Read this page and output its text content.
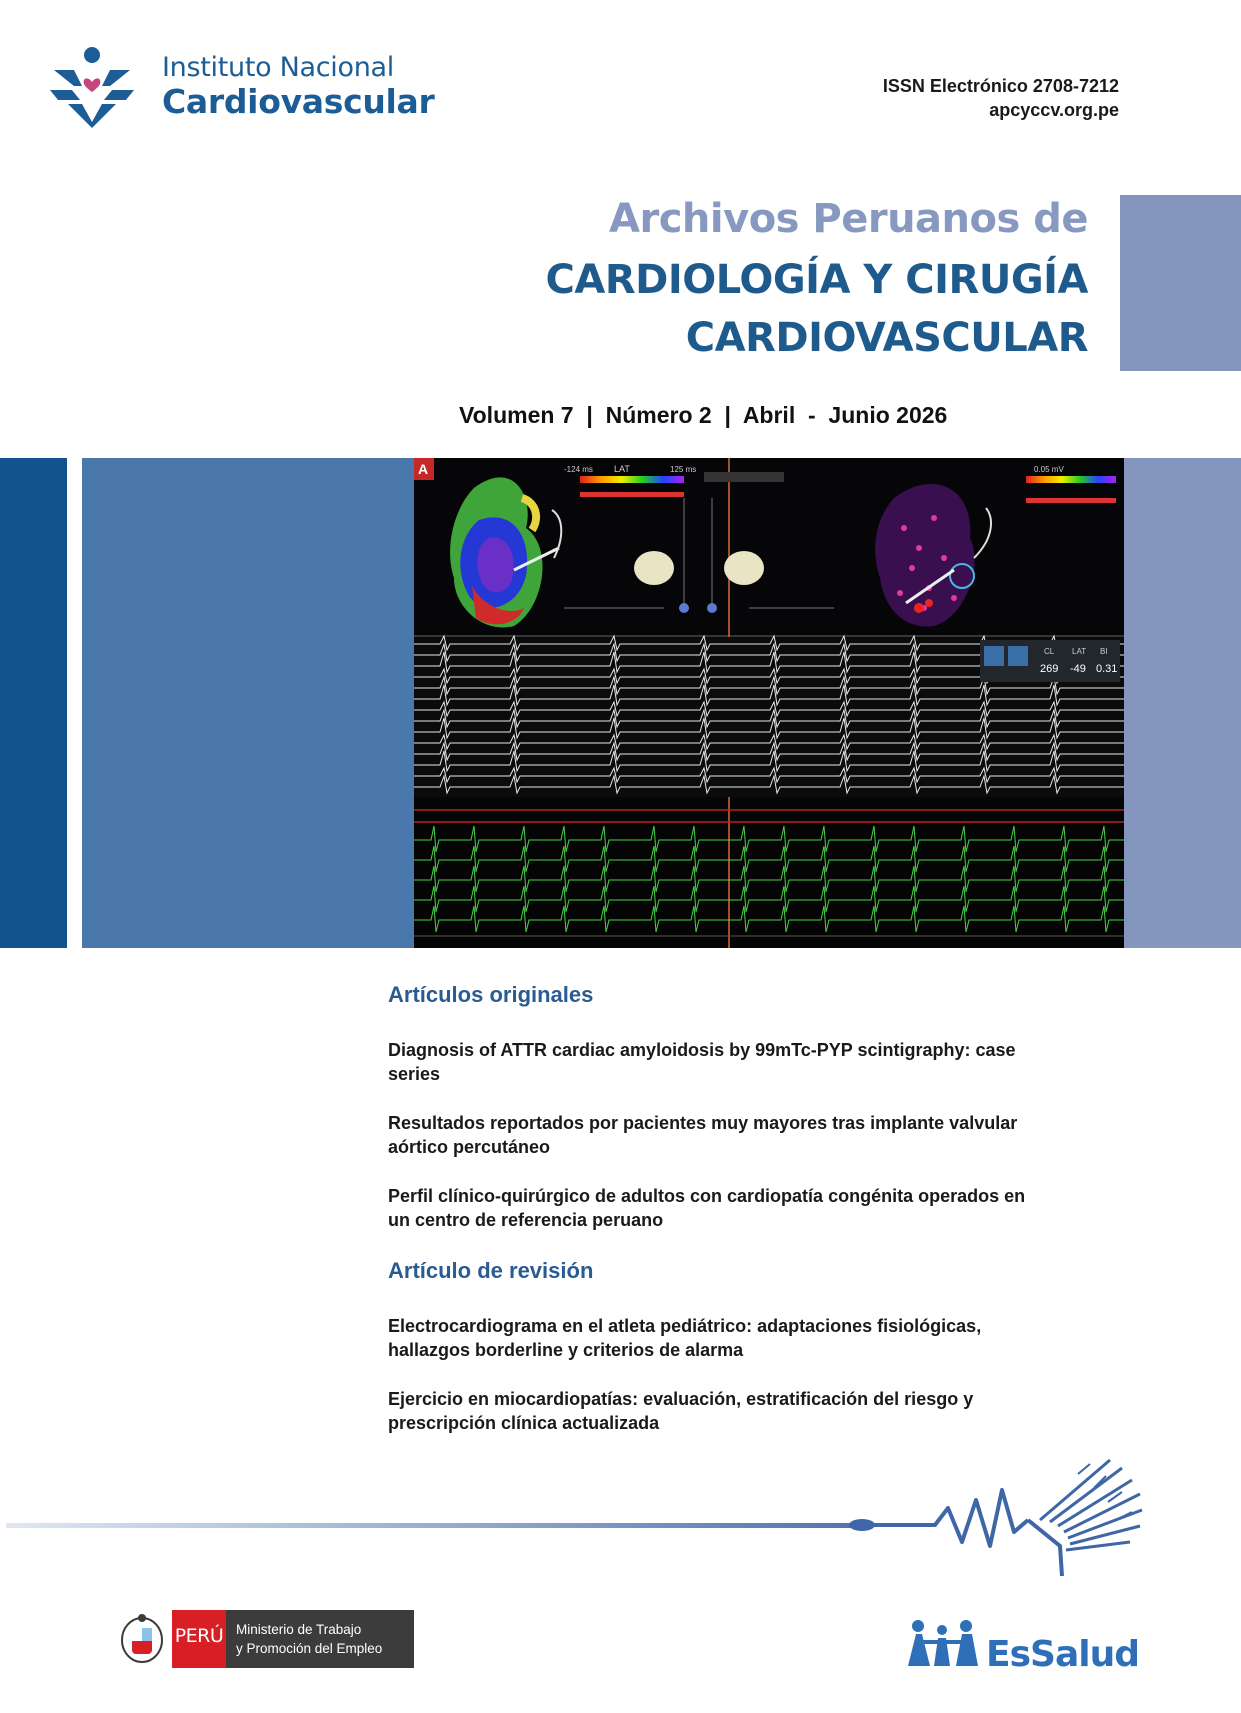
Instituto Nacional
Cardiovascular	ISSN Electrónico 2708-7212
apcyccv.org.pe
Archivos Peruanos de
CARDIOLOGÍA Y CIRUGÍA
CARDIOVASCULAR
Volumen 7  |  Número 2  |  Abril  -  Junio 2026
A	-124 ms LAT	125 ms	0.05 mV
CL LAT BI
269 -49 0.31
Artículos originales
Diagnosis of ATTR cardiac amyloidosis by 99mTc-PYP scintigraphy: case
series
Resultados reportados por pacientes muy mayores tras implante valvular
aórtico percutáneo
Perfil clínico-quirúrgico de adultos con cardiopatía congénita operados en
un centro de referencia peruano
Artículo de revisión
Electrocardiograma en el atleta pediátrico: adaptaciones fisiológicas,
hallazgos borderline y criterios de alarma
Ejercicio en miocardiopatías: evaluación, estratificación del riesgo y
prescripción clínica actualizada
PERÚ Ministerio de Trabajo
y Promoción del Empleo	EsSalud
